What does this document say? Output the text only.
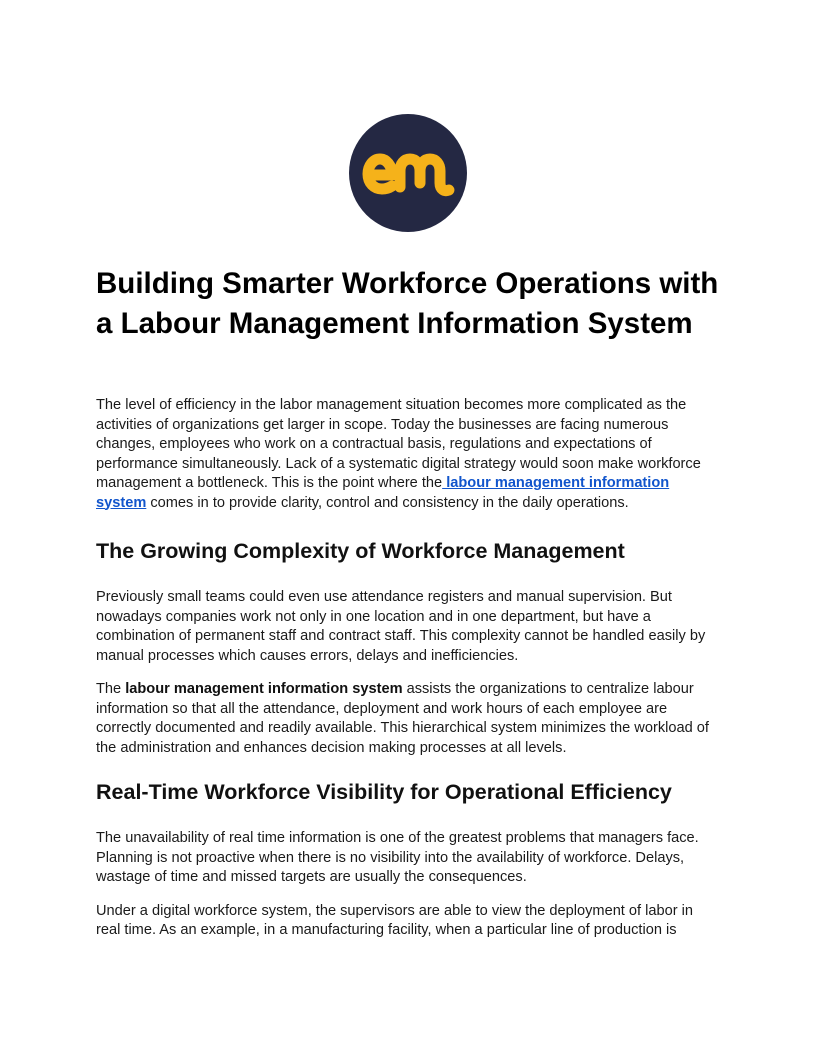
Building Smarter Workforce Operations with a Labour Management Information System

The level of efficiency in the labor management situation becomes more complicated as the activities of organizations get larger in scope. Today the businesses are facing numerous changes, employees who work on a contractual basis, regulations and expectations of performance simultaneously. Lack of a systematic digital strategy would soon make workforce management a bottleneck. This is the point where the labour management information system comes in to provide clarity, control and consistency in the daily operations.

The Growing Complexity of Workforce Management

Previously small teams could even use attendance registers and manual supervision. But nowadays companies work not only in one location and in one department, but have a combination of permanent staff and contract staff. This complexity cannot be handled easily by manual processes which causes errors, delays and inefficiencies.

The labour management information system assists the organizations to centralize labour information so that all the attendance, deployment and work hours of each employee are correctly documented and readily available. This hierarchical system minimizes the workload of the administration and enhances decision making processes at all levels.

Real-Time Workforce Visibility for Operational Efficiency

The unavailability of real time information is one of the greatest problems that managers face. Planning is not proactive when there is no visibility into the availability of workforce. Delays, wastage of time and missed targets are usually the consequences.

Under a digital workforce system, the supervisors are able to view the deployment of labor in real time. As an example, in a manufacturing facility, when a particular line of production is
